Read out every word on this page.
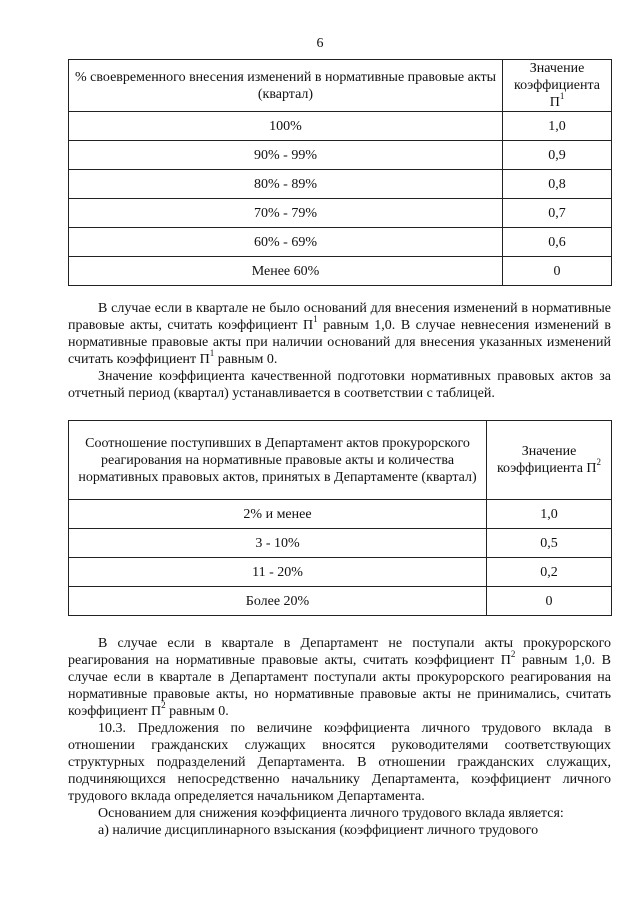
6
% своевременного внесения изменений в нормативные правовые акты (квартал)	Значение
коэффициента $П^1$
100%	1,0
90% - 99%	0,9
80% - 89%	0,8
70% - 79%	0,7
60% - 69%	0,6
Менее 60%	0

В случае если в квартале не было оснований для внесения изменений в нормативные правовые акты, считать коэффициент $П^1$ равным 1,0. В случае невнесения изменений в нормативные правовые акты при наличии оснований для внесения указанных изменений считать коэффициент $П^1$ равным 0.

Значение коэффициента качественной подготовки нормативных правовых актов за отчетный период (квартал) устанавливается в соответствии с таблицей.

Соотношение поступивших в Департамент актов прокурорского реагирования на нормативные правовые акты и количества нормативных правовых актов, принятых в Департаменте (квартал)	Значение
коэффициента $П^2$
2% и менее	1,0
3 - 10%	0,5
11 - 20%	0,2
Более 20%	0

В случае если в квартале в Департамент не поступали акты прокурорского реагирования на нормативные правовые акты, считать коэффициент $П^2$ равным 1,0. В случае если в квартале в Департамент поступали акты прокурорского реагирования на нормативные правовые акты, но нормативные правовые акты не принимались, считать коэффициент $П^2$ равным 0.

10.3. Предложения по величине коэффициента личного трудового вклада в отношении гражданских служащих вносятся руководителями соответствующих структурных подразделений Департамента. В отношении гражданских служащих, подчиняющихся непосредственно начальнику Департамента, коэффициент личного трудового вклада определяется начальником Департамента.

Основанием для снижения коэффициента личного трудового вклада является:

а) наличие дисциплинарного взыскания (коэффициент личного трудового
